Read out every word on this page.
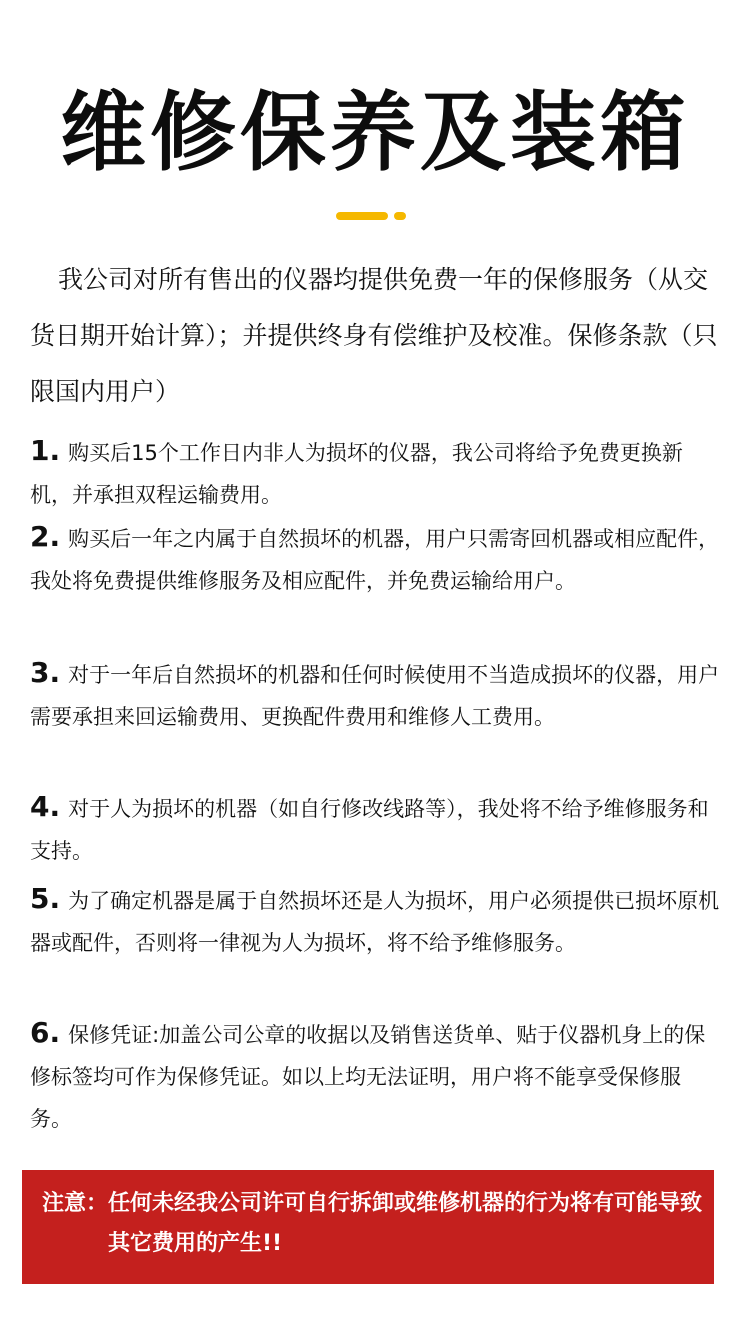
维修保养及装箱
我公司对所有售出的仪器均提供免费一年的保修服务（从交货日期开始计算）；并提供终身有偿维护及校准。保修条款（只限国内用户）
1. 购买后15个工作日内非人为损坏的仪器，我公司将给予免费更换新机，并承担双程运输费用。
2. 购买后一年之内属于自然损坏的机器，用户只需寄回机器或相应配件，我处将免费提供维修服务及相应配件，并免费运输给用户。
3. 对于一年后自然损坏的机器和任何时候使用不当造成损坏的仪器，用户需要承担来回运输费用、更换配件费用和维修人工费用。
4. 对于人为损坏的机器（如自行修改线路等），我处将不给予维修服务和支持。
5. 为了确定机器是属于自然损坏还是人为损坏，用户必须提供已损坏原机器或配件，否则将一律视为人为损坏，将不给予维修服务。
6. 保修凭证:加盖公司公章的收据以及销售送货单、贴于仪器机身上的保修标签均可作为保修凭证。如以上均无法证明，用户将不能享受保修服务。
注意： 任何未经我公司许可自行拆卸或维修机器的行为将有可能导致其它费用的产生!!
